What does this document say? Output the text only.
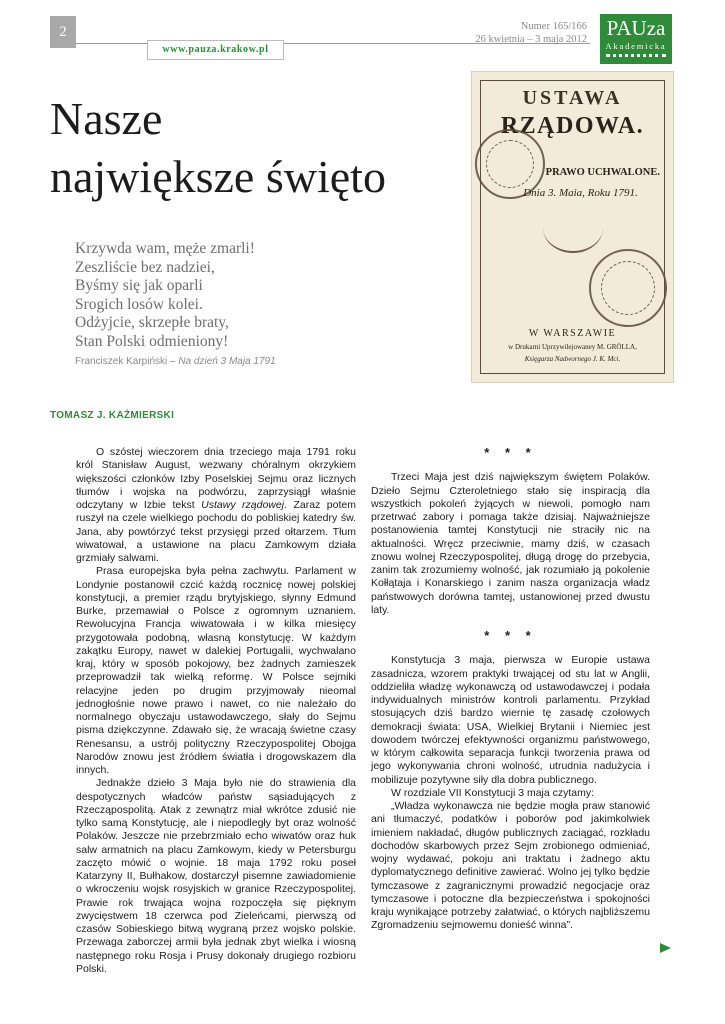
2
www.pauza.krakow.pl
Numer 165/166
26 kwietnia – 3 maja 2012 PAUza
Akademicka
Nasze
największe święto
Krzywda wam, męże zmarli!
Zeszliście bez nadziei,
Byśmy się jak oparli
Srogich losów kolei.
Odżyjcie, skrzepłe braty,
Stan Polski odmieniony!
Franciszek Karpiński – Na dzień 3 Maja 1791
USTAWA
RZĄDOWA.
PRAWO UCHWALONE.
Dnia 3. Maia, Roku 1791.
W WARSZAWIE
w Drukarni Uprzywilejowaney M. GRÖLLA,
Księgarza Nadwornego J. K. Mci.
TOMASZ J. KAŻMIERSKI

O szóstej wieczorem dnia trzeciego maja 1791 roku król Stanisław August, wezwany chóralnym okrzykiem większości członków Izby Poselskiej Sejmu oraz licznych tłumów i wojska na podwórzu, zaprzysiągł właśnie odczytany w Izbie tekst Ustawy rządowej. Zaraz potem ruszył na czele wielkiego pochodu do pobliskiej katedry św. Jana, aby powtórzyć tekst przysięgi przed ołtarzem. Tłum wiwatował, a ustawione na placu Zamkowym działa grzmiały salwami.

Prasa europejska była pełna zachwytu. Parlament w Londynie postanowił czcić każdą rocznicę nowej polskiej konstytucji, a premier rządu brytyjskiego, słynny Edmund Burke, przemawiał o Polsce z ogromnym uznaniem. Rewolucyjna Francja wiwatowała i w kilka miesięcy przygotowała podobną, własną konstytucję. W każdym zakątku Europy, nawet w dalekiej Portugalii, wychwalano kraj, który w sposób pokojowy, bez żadnych zamieszek przeprowadził tak wielką reformę. W Polsce sejmiki relacyjne jeden po drugim przyjmowały nieomal jednogłośnie nowe prawo i nawet, co nie należało do normalnego obyczaju ustawodawczego, słały do Sejmu pisma dziękczynne. Zdawało się, że wracają świetne czasy Renesansu, a ustrój polityczny Rzeczypospolitej Obojga Narodów znowu jest źródłem światła i drogowskazem dla innych.

Jednakże dzieło 3 Maja było nie do strawienia dla despotycznych władców państw sąsiadujących z Rzecząpospolitą. Atak z zewnątrz miał wkrótce zdusić nie tylko samą Konstytucję, ale i niepodległy byt oraz wolność Polaków. Jeszcze nie przebrzmiało echo wiwatów oraz huk salw armatnich na placu Zamkowym, kiedy w Petersburgu zaczęto mówić o wojnie. 18 maja 1792 roku poseł Katarzyny II, Bułhakow, dostarczył pisemne zawiadomienie o wkroczeniu wojsk rosyjskich w granice Rzeczypospolitej. Prawie rok trwająca wojna rozpoczęła się pięknym zwycięstwem 18 czerwca pod Zieleńcami, pierwszą od czasów Sobieskiego bitwą wygraną przez wojsko polskie. Przewaga zaborczej armii była jednak zbyt wielka i wiosną następnego roku Rosja i Prusy dokonały drugiego rozbioru Polski.

* * *

Trzeci Maja jest dziś największym świętem Polaków. Dzieło Sejmu Czteroletniego stało się inspiracją dla wszystkich pokoleń żyjących w niewoli, pomogło nam przetrwać zabory i pomaga także dzisiaj. Najważniejsze postanowienia tamtej Konstytucji nie straciły nic na aktualności. Wręcz przeciwnie, mamy dziś, w czasach znowu wolnej Rzeczypospolitej, długą drogę do przebycia, zanim tak zrozumiemy wolność, jak rozumiało ją pokolenie Kołłątaja i Konarskiego i zanim nasza organizacja władz państwowych dorówna tamtej, ustanowionej przed dwustu laty.

* * *

Konstytucja 3 maja, pierwsza w Europie ustawa zasadnicza, wzorem praktyki trwającej od stu lat w Anglii, oddzieliła władzę wykonawczą od ustawodawczej i podała indywidualnych ministrów kontroli parlamentu. Przykład stosujących dziś bardzo wiernie tę zasadę czołowych demokracji świata: USA, Wielkiej Brytanii i Niemiec jest dowodem twórczej efektywności organizmu państwowego, w którym całkowita separacja funkcji tworzenia prawa od jego wykonywania chroni wolność, utrudnia nadużycia i mobilizuje pozytywne siły dla dobra publicznego.

W rozdziale VII Konstytucji 3 maja czytamy:

„Władza wykonawcza nie będzie mogła praw stanowić ani tłumaczyć, podatków i poborów pod jakimkolwiek imieniem nakładać, długów publicznych zaciągać, rozkładu dochodów skarbowych przez Sejm zrobionego odmieniać, wojny wydawać, pokoju ani traktatu i żadnego aktu dyplomatycznego definitive zawierać. Wolno jej tylko będzie tymczasowe z zagranicznymi prowadzić negocjacje oraz tymczasowe i potoczne dla bezpieczeństwa i spokojności kraju wynikające potrzeby załatwiać, o których najbliższemu Zgromadzeniu sejmowemu donieść winna”.
